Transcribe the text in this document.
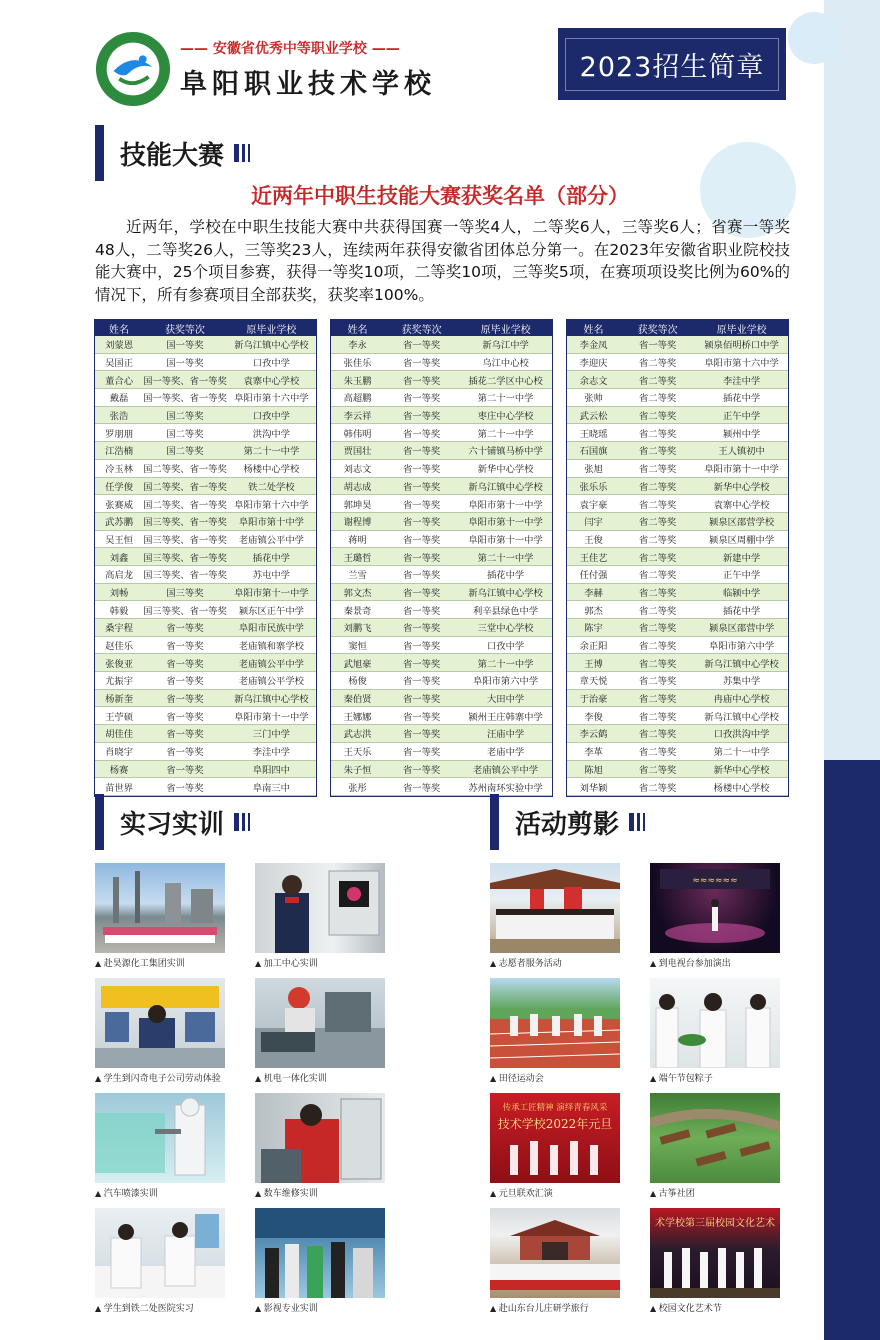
—— 安徽省优秀中等职业学校 ——
阜阳职业技术学校
2023招生简章
技能大赛
近两年中职生技能大赛获奖名单（部分）
近两年，学校在中职生技能大赛中共获得国赛一等奖4人，二等奖6人，三等奖6人；省赛一等奖48人，二等奖26人，三等奖23人，连续两年获得安徽省团体总分第一。在2023年安徽省职业院校技能大赛中，25个项目参赛，获得一等奖10项，二等奖10项，三等奖5项，在赛项项设奖比例为60%的情况下，所有参赛项目全部获奖，获奖率100%。
姓名	获奖等次	原毕业学校
刘蒙恩	国一等奖	新乌江镇中心学校
吴国正	国一等奖	口孜中学
董合心	国一等奖、省一等奖	袁寨中心学校
戴磊	国一等奖、省一等奖	阜阳市第十六中学
张浩	国二等奖	口孜中学
罗朋朋	国二等奖	洪沟中学
江浩楠	国二等奖	第二十一中学
冷玉林	国二等奖、省一等奖	杨楼中心学校
任学俊	国二等奖、省一等奖	铁二处学校
张赛威	国二等奖、省一等奖	阜阳市第十六中学
武苏鹏	国三等奖、省一等奖	阜阳市第十中学
吴王恒	国三等奖、省一等奖	老庙镇公平中学
刘鑫	国三等奖、省一等奖	插花中学
高启龙	国三等奖、省一等奖	苏屯中学
刘畅	国三等奖	阜阳市第十一中学
韩毅	国三等奖、省一等奖	颍东区正午中学
桑宇程	省一等奖	阜阳市民族中学
赵佳乐	省一等奖	老庙镇和寨学校
张俊亚	省一等奖	老庙镇公平中学
尤振宇	省一等奖	老庙镇公平学校
杨新奎	省一等奖	新乌江镇中心学校
王苧硕	省一等奖	阜阳市第十一中学
胡佳佳	省一等奖	三门中学
肖晓宇	省一等奖	李洼中学
杨赛	省一等奖	阜阳四中
苗世界	省一等奖	阜南三中
姓名	获奖等次	原毕业学校
李永	省一等奖	新乌江中学
张佳乐	省一等奖	乌江中心校
朱玉鹏	省一等奖	插花二学区中心校
高超鹏	省一等奖	第二十一中学
李云祥	省一等奖	枣庄中心学校
韩伟明	省一等奖	第二十一中学
贾国壮	省一等奖	六十铺镇马桥中学
刘志文	省一等奖	新华中心学校
胡志成	省一等奖	新乌江镇中心学校
郭坤昊	省一等奖	阜阳市第十一中学
谢程博	省一等奖	阜阳市第十一中学
蒋明	省一等奖	阜阳市第十一中学
王璐哲	省一等奖	第二十一中学
兰雪	省一等奖	插花中学
郭文杰	省一等奖	新乌江镇中心学校
秦景奇	省一等奖	利辛县绿色中学
刘鹏飞	省一等奖	三堂中心学校
窦恒	省一等奖	口孜中学
武旭豪	省一等奖	第二十一中学
杨俊	省一等奖	阜阳市第六中学
秦伯贤	省一等奖	大田中学
王娜娜	省一等奖	颍州王庄韩寨中学
武志洪	省一等奖	汪庙中学
王天乐	省一等奖	老庙中学
朱子恒	省一等奖	老庙镇公平中学
张彤	省一等奖	苏州南环实验中学
姓名	获奖等次	原毕业学校
李金凤	省一等奖	颍泉佰明桥口中学
李迎庆	省二等奖	阜阳市第十六中学
余志文	省二等奖	李洼中学
张帅	省二等奖	插花中学
武云松	省二等奖	正午中学
王晓瑶	省二等奖	颍州中学
石国旗	省二等奖	王人镇初中
张旭	省二等奖	阜阳市第十一中学
张乐乐	省二等奖	新华中心学校
袁宇豪	省二等奖	袁寨中心学校
闫宇	省二等奖	颍泉区邵营学校
王俊	省二等奖	颍泉区周棚中学
王佳艺	省二等奖	新建中学
任付强	省二等奖	正午中学
李赫	省二等奖	临颍中学
郭杰	省二等奖	插花中学
陈宇	省二等奖	颍泉区邵营中学
余正阳	省二等奖	阜阳市第六中学
王博	省二等奖	新乌江镇中心学校
章天悦	省二等奖	苏集中学
于治豪	省二等奖	冉庙中心学校
李俊	省二等奖	新乌江镇中心学校
李云鹤	省二等奖	口孜洪沟中学
李革	省二等奖	第二十一中学
陈旭	省二等奖	新华中心学校
刘华颖	省二等奖	杨楼中心学校
实习实训	活动剪影
▲ 赴昊源化工集团实训	▲ 加工中心实训
▲ 学生到闪奇电子公司劳动体验	▲ 机电一体化实训
▲ 汽车喷漆实训	▲ 数车维修实训
▲ 学生到铁二处医院实习	▲ 影视专业实训
▲ 志愿者服务活动
≈≈≈≈≈≈
▲ 到电视台参加演出
▲ 田径运动会	▲ 端午节包粽子
传承工匠精神 演绎青春风采
技术学校2022年元旦
▲ 元旦联欢汇演	▲ 古筝社团
▲ 赴山东台儿庄研学旅行
术学校第三届校园文化艺术
▲ 校园文化艺术节
